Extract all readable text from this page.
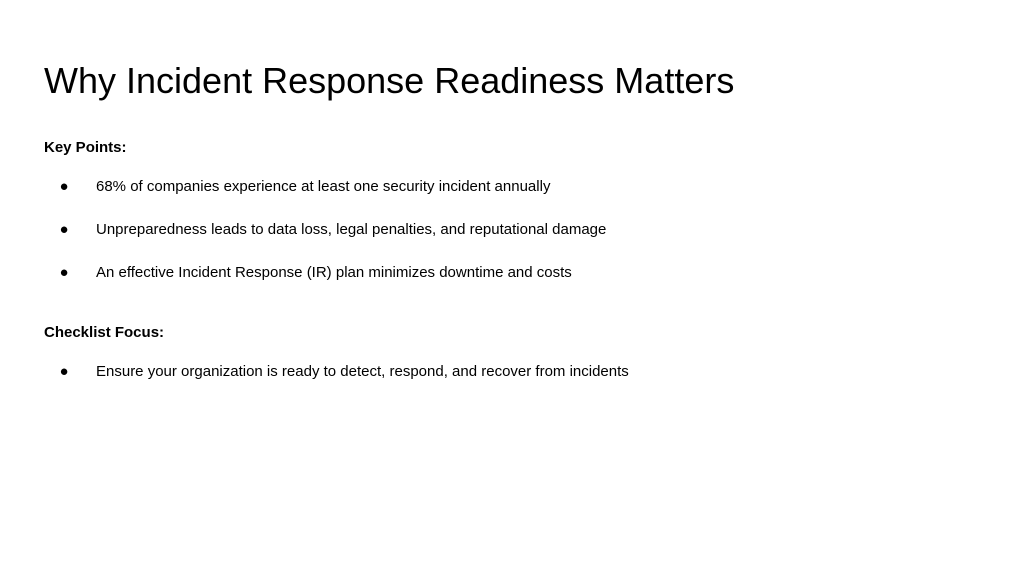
Why Incident Response Readiness Matters
Key Points:
● 68% of companies experience at least one security incident annually
● Unpreparedness leads to data loss, legal penalties, and reputational damage
● An effective Incident Response (IR) plan minimizes downtime and costs
Checklist Focus:
● Ensure your organization is ready to detect, respond, and recover from incidents
